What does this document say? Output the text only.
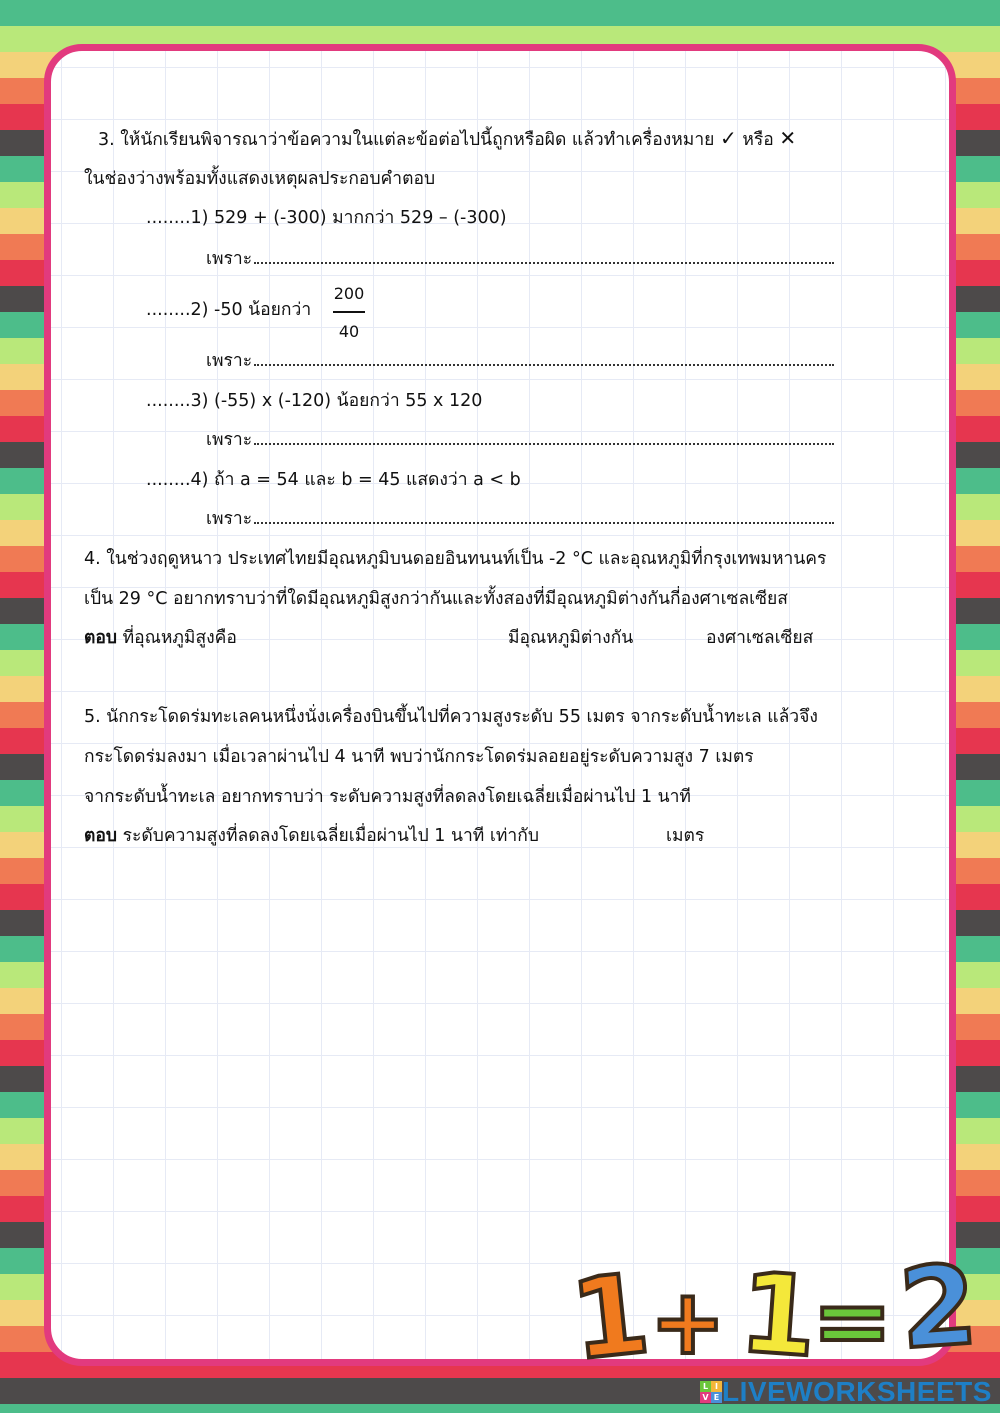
3. ให้นักเรียนพิจารณาว่าข้อความในแต่ละข้อต่อไปนี้ถูกหรือผิด แล้วทำเครื่องหมาย ✓ หรือ ✕
ในช่องว่างพร้อมทั้งแสดงเหตุผลประกอบคำตอบ
........1) 529 + (-300) มากกว่า 529 – (-300)
เพราะ
........2) -50 น้อยกว่า
200
40
เพราะ
........3) (-55) x (-120) น้อยกว่า 55 x 120
เพราะ
........4) ถ้า a = 54 และ b = 45 แสดงว่า a < b
เพราะ
4. ในช่วงฤดูหนาว ประเทศไทยมีอุณหภูมิบนดอยอินทนนท์เป็น -2 °C และอุณหภูมิที่กรุงเทพมหานคร
เป็น 29 °C อยากทราบว่าที่ใดมีอุณหภูมิสูงกว่ากันและทั้งสองที่มีอุณหภูมิต่างกันกี่องศาเซลเซียส
ตอบ ที่อุณหภูมิสูงคือ	มีอุณหภูมิต่างกัน	องศาเซลเซียส
5. นักกระโดดร่มทะเลคนหนึ่งนั่งเครื่องบินขึ้นไปที่ความสูงระดับ 55 เมตร จากระดับน้ำทะเล แล้วจึง
กระโดดร่มลงมา เมื่อเวลาผ่านไป 4 นาที พบว่านักกระโดดร่มลอยอยู่ระดับความสูง 7 เมตร
จากระดับน้ำทะเล อยากทราบว่า ระดับความสูงที่ลดลงโดยเฉลี่ยเมื่อผ่านไป 1 นาที
ตอบ ระดับความสูงที่ลดลงโดยเฉลี่ยเมื่อผ่านไป 1 นาที เท่ากับ	เมตร
1
+ 1
= 2
L I
V E LIVEWORKSHEETS
